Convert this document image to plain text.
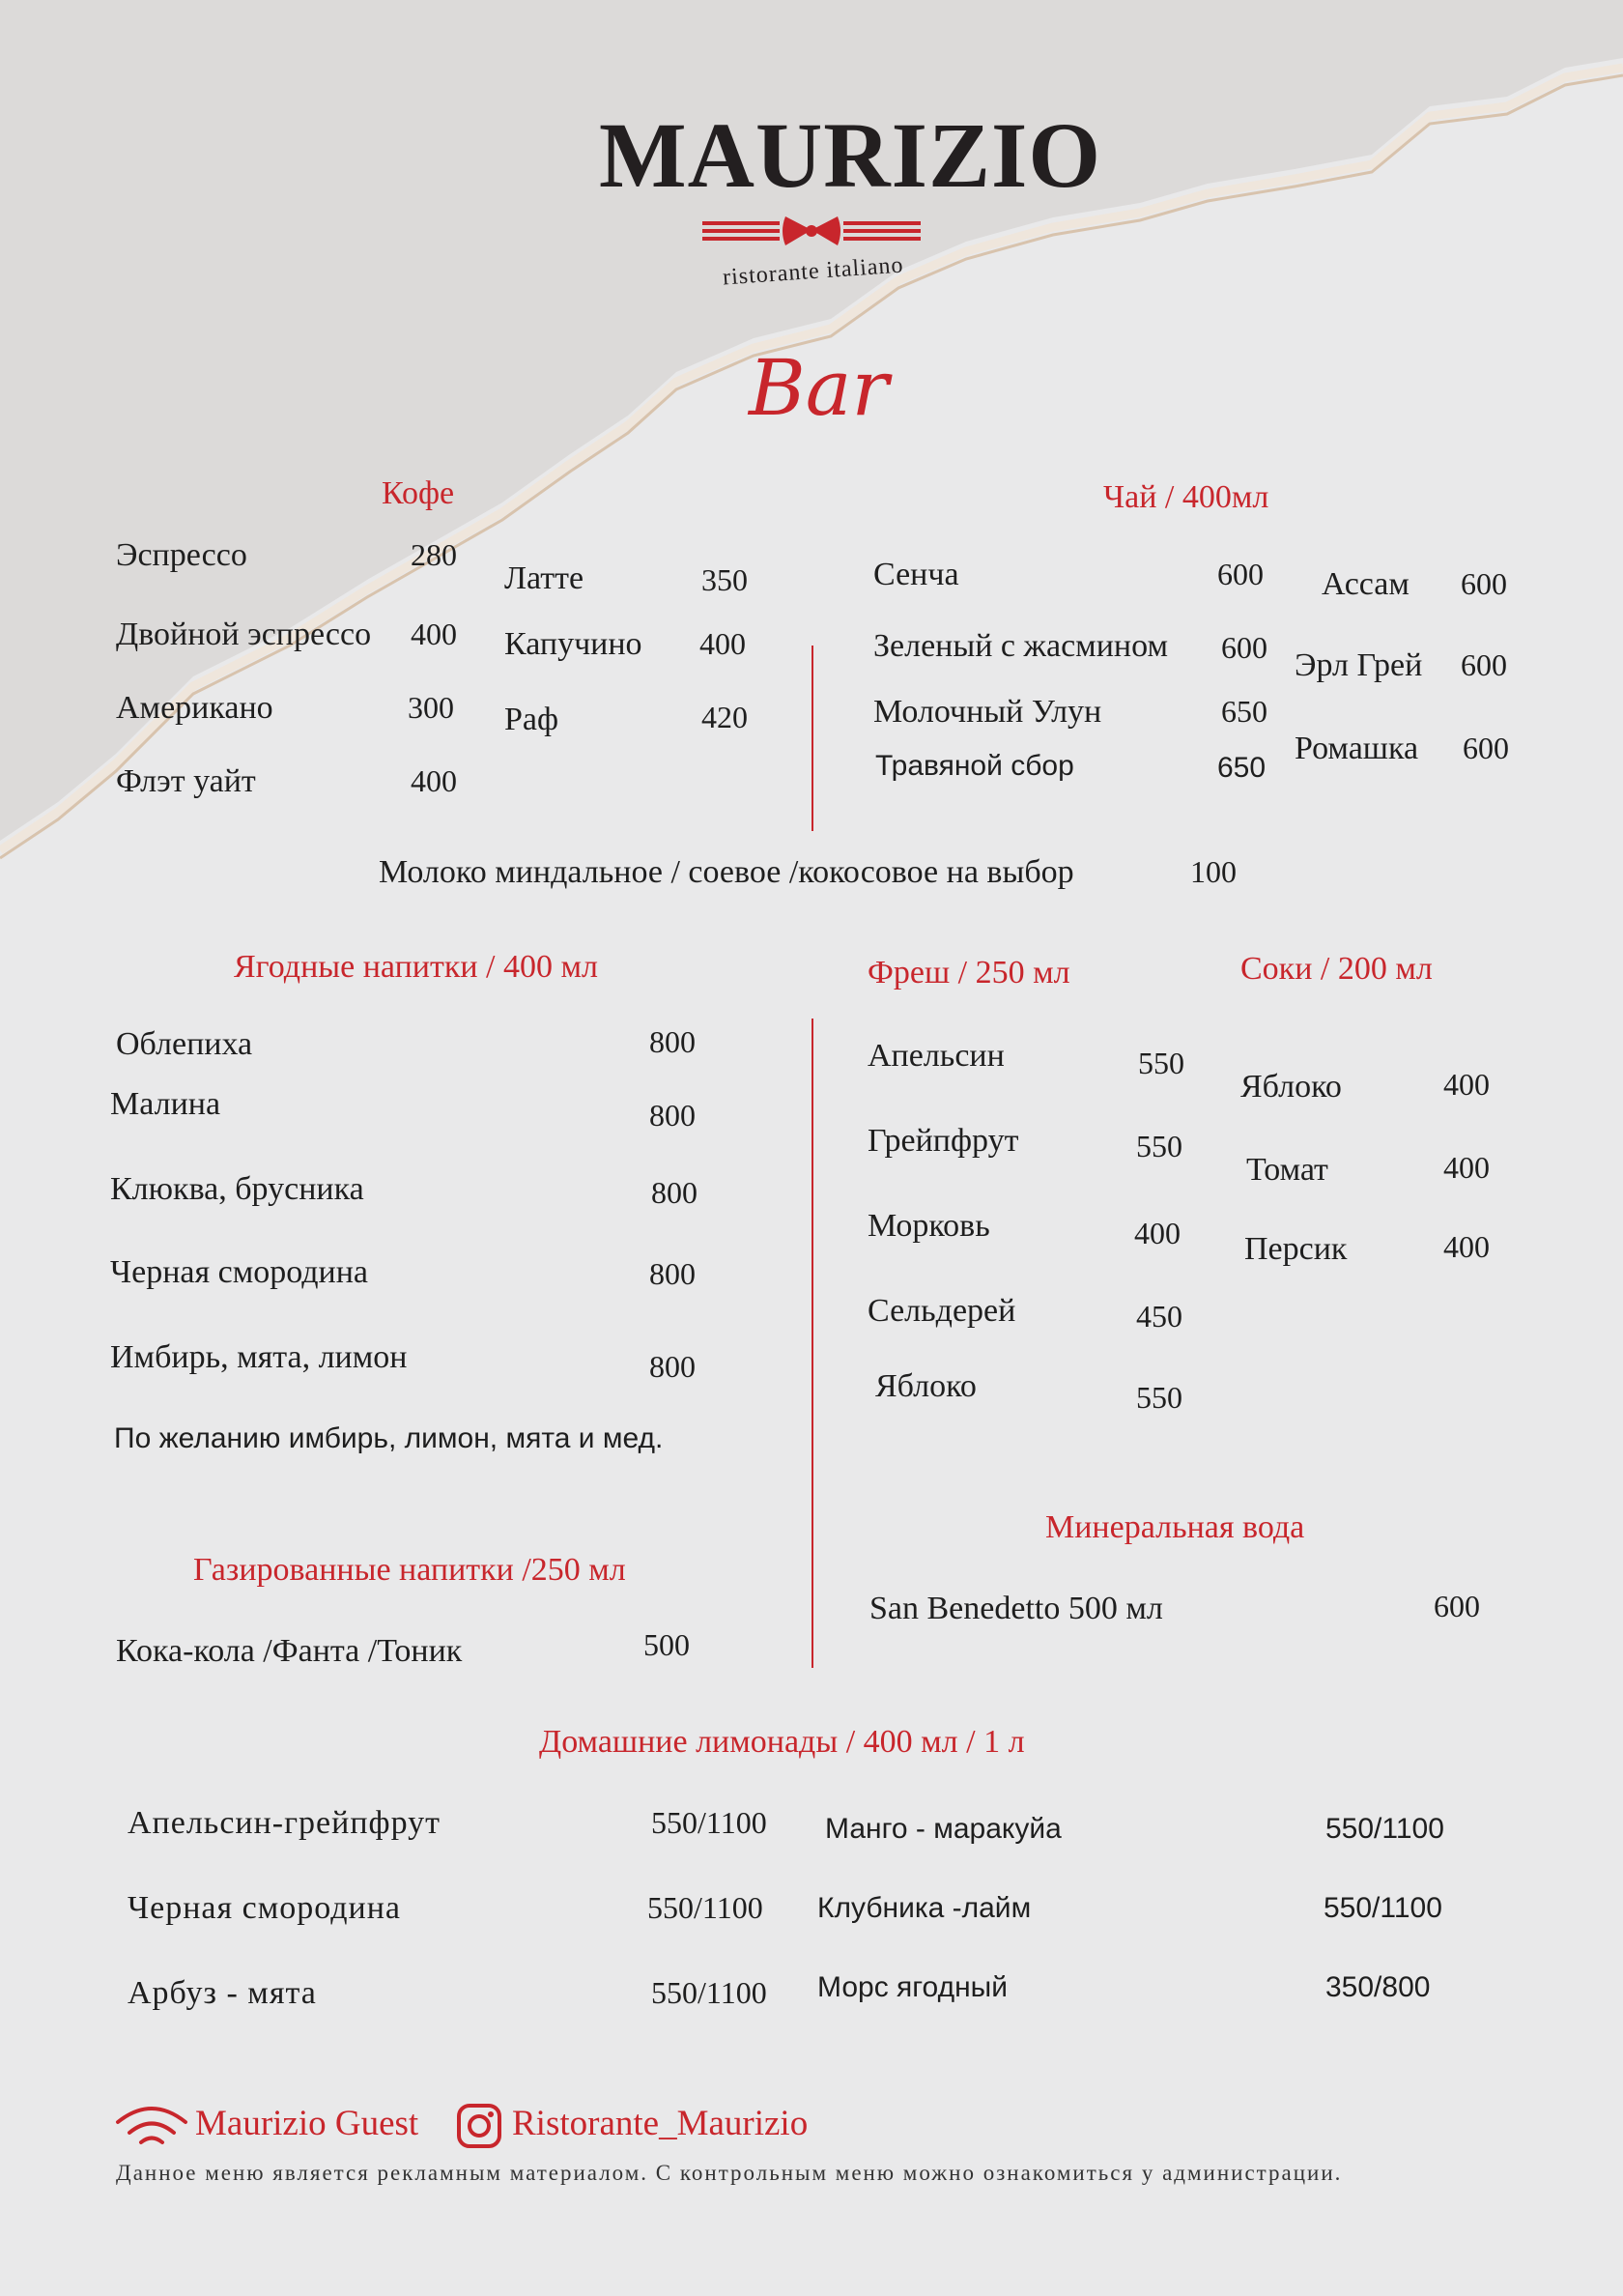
MAURIZIO
ristorante italiano
Bar
Кофе
Эспрессо	280
Двойной эспрессо 400
Американо	300
Флэт уайт	400
Латте	350
Капучино 400
Раф	420
Чай / 400мл
Сенча	600
Зеленый с жасмином 600
Молочный Улун	650
Травяной сбор	650
Ассам 600
Эрл Грей 600
Ромашка 600
Молоко миндальное / соевое /кокосовое на выбор	100
Ягодные напитки / 400 мл
Облепиха	800
Малина	800
Клюква, брусника	800
Черная смородина	800
Имбирь, мята, лимон	800
По желанию имбирь, лимон, мята и мед.
Газированные напитки /250 мл
Кока-кола /Фанта /Тоник	500
Фреш / 250 мл
Апельсин	550
Грейпфрут	550
Морковь	400
Сельдерей	450
Яблоко	550
Соки / 200 мл
Яблоко	400
Томат	400
Персик	400
Минеральная вода
San Benedetto 500 мл	600
Домашние лимонады / 400 мл / 1 л
Апельсин-грейпфрут	550/1100
Черная смородина	550/1100
Арбуз - мята	550/1100
Манго - маракуйа	550/1100
Клубника -лайм	550/1100
Морс ягодный	350/800
Maurizio Guest	Ristorante_Maurizio
Данное меню является рекламным материалом. С контрольным меню можно ознакомиться у администрации.
